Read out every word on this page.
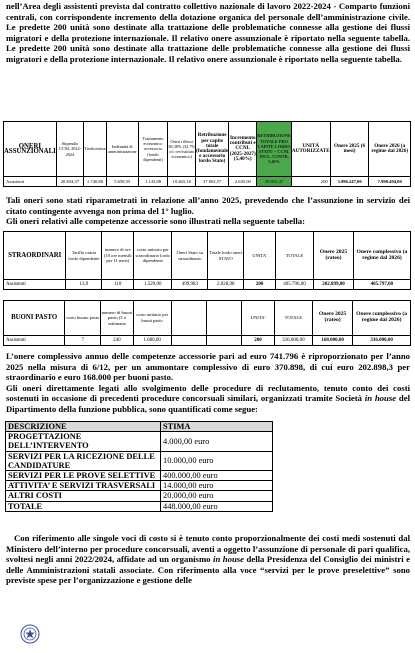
nell’Area degli assistenti prevista dal contratto collettivo nazionale di lavoro 2022-2024 - Comparto funzioni centrali, con corrispondente incremento della dotazione organica del personale dell’amministrazione civile. Le predette 200 unità sono destinate alla trattazione delle problematiche connesse alla gestione dei flussi migratori e della protezione internazionale. Il relativo onere assunzionale è riportato nella seguente tabella. Le predette 200 unità sono destinate alla trattazione delle problematiche connesse alla gestione dei flussi migratori e della protezione internazionale. Il relativo onere assunzionale è riportato nella seguente tabella.

ONERI ASSUNZIONALI	Stipendio CCNL 2022-2024	Tredicesima	Indennità di amministrazione	Trattamento economico accessorio (fondo dipendenti)	Oneri riflessi 38,38% (32,7% o/c rev/istituto economico)	Retribuzione per capite totale (fondamentale e accessorio lordo Stato)	Incremento contributi e CCNL (2025-2027) (5,40%)	RETRIBUZIONE TOTALE PRO CAPITE LORDO STATO + CCNL INCL. CONTR. 5,40%	UNITÀ AUTORIZZATE	Onere 2025 (6 mesi)	Onere 2026 (a regime dal 2026)
Assistenti	20.834,37	1.740,86	5.658,55	1.145,88	10.465,16	37.902,57	2.045,00	39.952,47	200	3.996.247,00	7.990.494,00

Tali oneri sono stati riparametrati in relazione all’anno 2025, prevedendo che l’assunzione in servizio dei citato contingente avvenga non prima del 1° luglio.

Gli oneri relativi alle competenze accessorie sono illustrati nella seguente tabella:

STRAORDINARI	Tariffa oraria lordo dipendente	numero di ore (10 ore mensili per 11 mesi)	costo unitario per straordinario lordo dipendente	Oneri Stato su straordinario	Totale lordo oneri STATO	UNITA'	TOTALE	Onere 2025 (rateo)	Onere complessivo (a regime dal 2026)
Assistenti	13,9	110	1.529,00	499,983	2.028,98	200	405.796,00	202.899,00	405.797,00
BUONI PASTO	costo buono pasto	numero di buoni pasto (5 a settimana	costo unitario per buoni pasto			UNITA'	TOTALE	Onere 2025 (rateo)	Onere complessivo (a regime dal 2026)
Assistenti	7	240	1.680,00			200	336.000,00	168.000,00	336.000,00

L’onere complessivo annuo delle competenze accessorie pari ad euro 741.796 è riproporzionato per l’anno 2025 nella misura di 6/12, per un ammontare complessivo di euro 370.898, di cui euro 202.898,3 per straordinario e euro 168.000 per buoni pasto.

Gli oneri direttamente legati allo svolgimento delle procedure di reclutamento, tenuto conto dei costi sostenuti in occasione di precedenti procedure concorsuali similari, organizzati tramite Società in house del Dipartimento della funzione pubblica, sono quantificati come segue:

DESCRIZIONE	STIMA
PROGETTAZIONE DELL’INTERVENTO	4.000,00 euro
SERVIZI PER LA RICEZIONE DELLE CANDIDATURE	10.000,00 euro
SERVIZI PER LE PROVE SELETTIVE	400.000,00 euro
ATTIVITA’ E SERVIZI TRASVERSALI	14.000,00 euro
ALTRI COSTI	20.000,00 euro
TOTALE	448.000,00 euro

Con riferimento alle singole voci di costo si è tenuto conto proporzionalmente dei costi medi sostenuti dal Ministero dell’interno per procedure concorsuali, aventi a oggetto l’assunzione di personale di pari qualifica, svoltesi negli anni 2022/2024, affidate ad un organismo in house della Presidenza del Consiglio dei ministri e delle Amministrazioni statali associate. Con riferimento alla voce “servizi per le prove preselettive” sono previste spese per l’organizzazione e gestione delle
